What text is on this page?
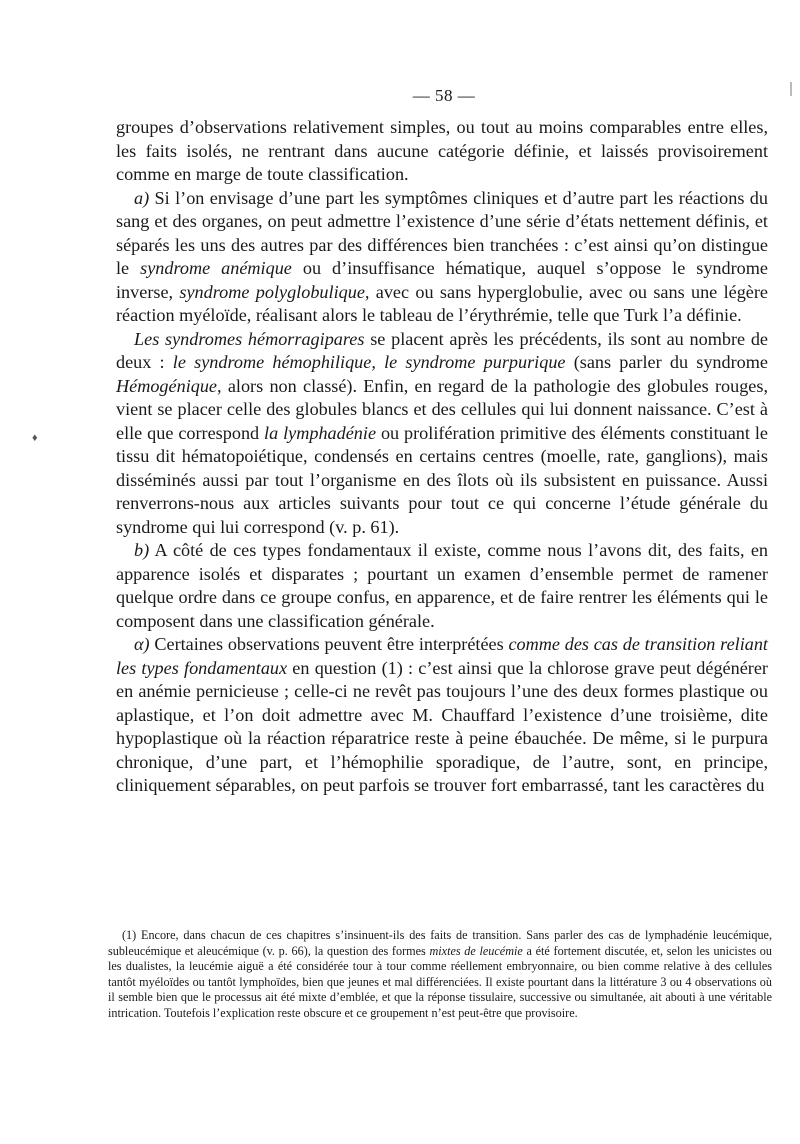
— 58 —
♦

groupes d’observations relativement simples, ou tout au moins comparables entre elles, les faits isolés, ne rentrant dans aucune catégorie définie, et laissés provisoirement comme en marge de toute classification.

a) Si l’on envisage d’une part les symptômes cliniques et d’autre part les réactions du sang et des organes, on peut admettre l’existence d’une série d’états nettement définis, et séparés les uns des autres par des différences bien tranchées : c’est ainsi qu’on distingue le syndrome anémique ou d’insuffisance hématique, auquel s’oppose le syndrome inverse, syndrome polyglobulique, avec ou sans hyperglobulie, avec ou sans une légère réaction myéloïde, réalisant alors le tableau de l’érythrémie, telle que Turk l’a définie.

Les syndromes hémorragipares se placent après les précédents, ils sont au nombre de deux : le syndrome hémophilique, le syndrome purpurique (sans parler du syndrome Hémogénique, alors non classé). Enfin, en regard de la pathologie des globules rouges, vient se placer celle des globules blancs et des cellules qui lui donnent naissance. C’est à elle que correspond la lymphadénie ou prolifération primitive des éléments constituant le tissu dit hématopoiétique, condensés en certains centres (moelle, rate, ganglions), mais disséminés aussi par tout l’organisme en des îlots où ils subsistent en puissance. Aussi renverrons-nous aux articles suivants pour tout ce qui concerne l’étude générale du syndrome qui lui correspond (v. p. 61).

b) A côté de ces types fondamentaux il existe, comme nous l’avons dit, des faits, en apparence isolés et disparates ; pourtant un examen d’ensemble permet de ramener quelque ordre dans ce groupe confus, en apparence, et de faire rentrer les éléments qui le composent dans une classification générale.

α) Certaines observations peuvent être interprétées comme des cas de transition reliant les types fondamentaux en question (1) : c’est ainsi que la chlorose grave peut dégénérer en anémie pernicieuse ; celle-ci ne revêt pas toujours l’une des deux formes plastique ou aplastique, et l’on doit admettre avec M. Chauffard l’existence d’une troisième, dite hypoplastique où la réaction réparatrice reste à peine ébauchée. De même, si le purpura chronique, d’une part, et l’hémophilie sporadique, de l’autre, sont, en principe, cliniquement séparables, on peut parfois se trouver fort embarrassé, tant les caractères du

(1) Encore, dans chacun de ces chapitres s’insinuent-ils des faits de transition. Sans parler des cas de lymphadénie leucémique, subleucémique et aleucémique (v. p. 66), la question des formes mixtes de leucémie a été fortement discutée, et, selon les unicistes ou les dualistes, la leucémie aiguë a été considérée tour à tour comme réellement embryonnaire, ou bien comme relative à des cellules tantôt myéloïdes ou tantôt lymphoïdes, bien que jeunes et mal différenciées. Il existe pourtant dans la littérature 3 ou 4 observations où il semble bien que le processus ait été mixte d’emblée, et que la réponse tissulaire, successive ou simultanée, ait abouti à une véritable intrication. Toutefois l’explication reste obscure et ce groupement n’est peut-être que provisoire.
